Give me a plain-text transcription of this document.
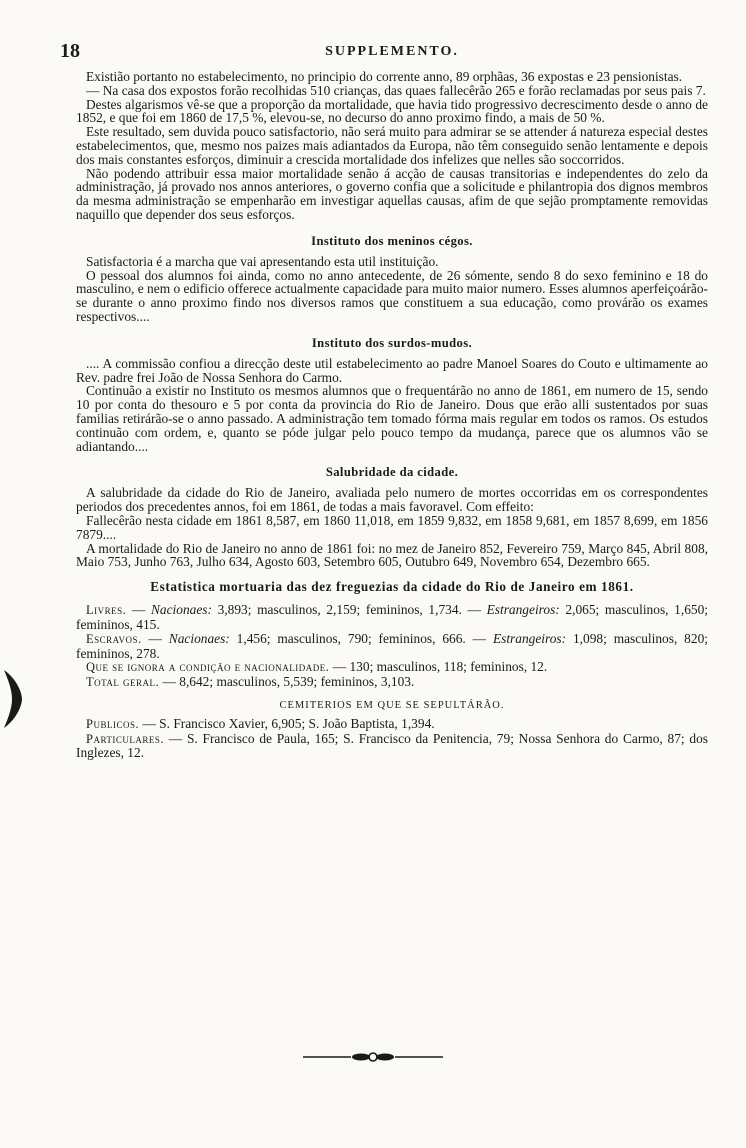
18	SUPPLEMENTO.

Existião portanto no estabelecimento, no principio do corrente anno, 89 orphãas, 36 expostas e 23 pensionistas.

— Na casa dos expostos forão recolhidas 510 crianças, das quaes fallecêrão 265 e forão reclamadas por seus pais 7.

Destes algarismos vê-se que a proporção da mortalidade, que havia tido progressivo decrescimento desde o anno de 1852, e que foi em 1860 de 17,5 %, elevou-se, no decurso do anno proximo findo, a mais de 50 %.

Este resultado, sem duvida pouco satisfactorio, não será muito para admirar se se attender á natureza especial destes estabelecimentos, que, mesmo nos paizes mais adiantados da Europa, não têm conseguido senão lentamente e depois dos mais constantes esforços, diminuir a crescida mortalidade dos infelizes que nelles são soccorridos.

Não podendo attribuir essa maior mortalidade senão á acção de causas transitorias e independentes do zelo da administração, já provado nos annos anteriores, o governo confia que a solicitude e philantropia dos dignos membros da mesma administração se empenharão em investigar aquellas causas, afim de que sejão promptamente removidas naquillo que depender dos seus esforços.

Instituto dos meninos cégos.

Satisfactoria é a marcha que vai apresentando esta util instituição.

O pessoal dos alumnos foi ainda, como no anno antecedente, de 26 sómente, sendo 8 do sexo feminino e 18 do masculino, e nem o edificio offerece actualmente capacidade para muito maior numero. Esses alumnos aperfeiçoárão-se durante o anno proximo findo nos diversos ramos que constituem a sua educação, como provárão os exames respectivos....

Instituto dos surdos-mudos.

.... A commissão confiou a direcção deste util estabelecimento ao padre Manoel Soares do Couto e ultimamente ao Rev. padre frei João de Nossa Senhora do Carmo.

Continuão a existir no Instituto os mesmos alumnos que o frequentárão no anno de 1861, em numero de 15, sendo 10 por conta do thesouro e 5 por conta da provincia do Rio de Janeiro. Dous que erão alli sustentados por suas familias retirárão-se o anno passado. A administração tem tomado fórma mais regular em todos os ramos. Os estudos continuão com ordem, e, quanto se póde julgar pelo pouco tempo da mudança, parece que os alumnos vão se adiantando....

Salubridade da cidade.

A salubridade da cidade do Rio de Janeiro, avaliada pelo numero de mortes occorridas em os correspondentes periodos dos precedentes annos, foi em 1861, de todas a mais favoravel. Com effeito:

Fallecêrão nesta cidade em 1861 8,587, em 1860 11,018, em 1859 9,832, em 1858 9,681, em 1857 8,699, em 1856 7879....

A mortalidade do Rio de Janeiro no anno de 1861 foi: no mez de Janeiro 852, Fevereiro 759, Março 845, Abril 808, Maio 753, Junho 763, Julho 634, Agosto 603, Setembro 605, Outubro 649, Novembro 654, Dezembro 665.

Estatistica mortuaria das dez freguezias da cidade do Rio de Janeiro em 1861.

Livres. — Nacionaes: 3,893; masculinos, 2,159; femininos, 1,734. — Estrangeiros: 2,065; masculinos, 1,650; femininos, 415.

Escravos. — Nacionaes: 1,456; masculinos, 790; femininos, 666. — Estrangeiros: 1,098; masculinos, 820; femininos, 278.

Que se ignora a condição e nacionalidade. — 130; masculinos, 118; femininos, 12.

Total geral. — 8,642; masculinos, 5,539; femininos, 3,103.

CEMITERIOS EM QUE SE SEPULTÁRÃO.

Publicos. — S. Francisco Xavier, 6,905; S. João Baptista, 1,394.

Particulares. — S. Francisco de Paula, 165; S. Francisco da Penitencia, 79; Nossa Senhora do Carmo, 87; dos Inglezes, 12.
